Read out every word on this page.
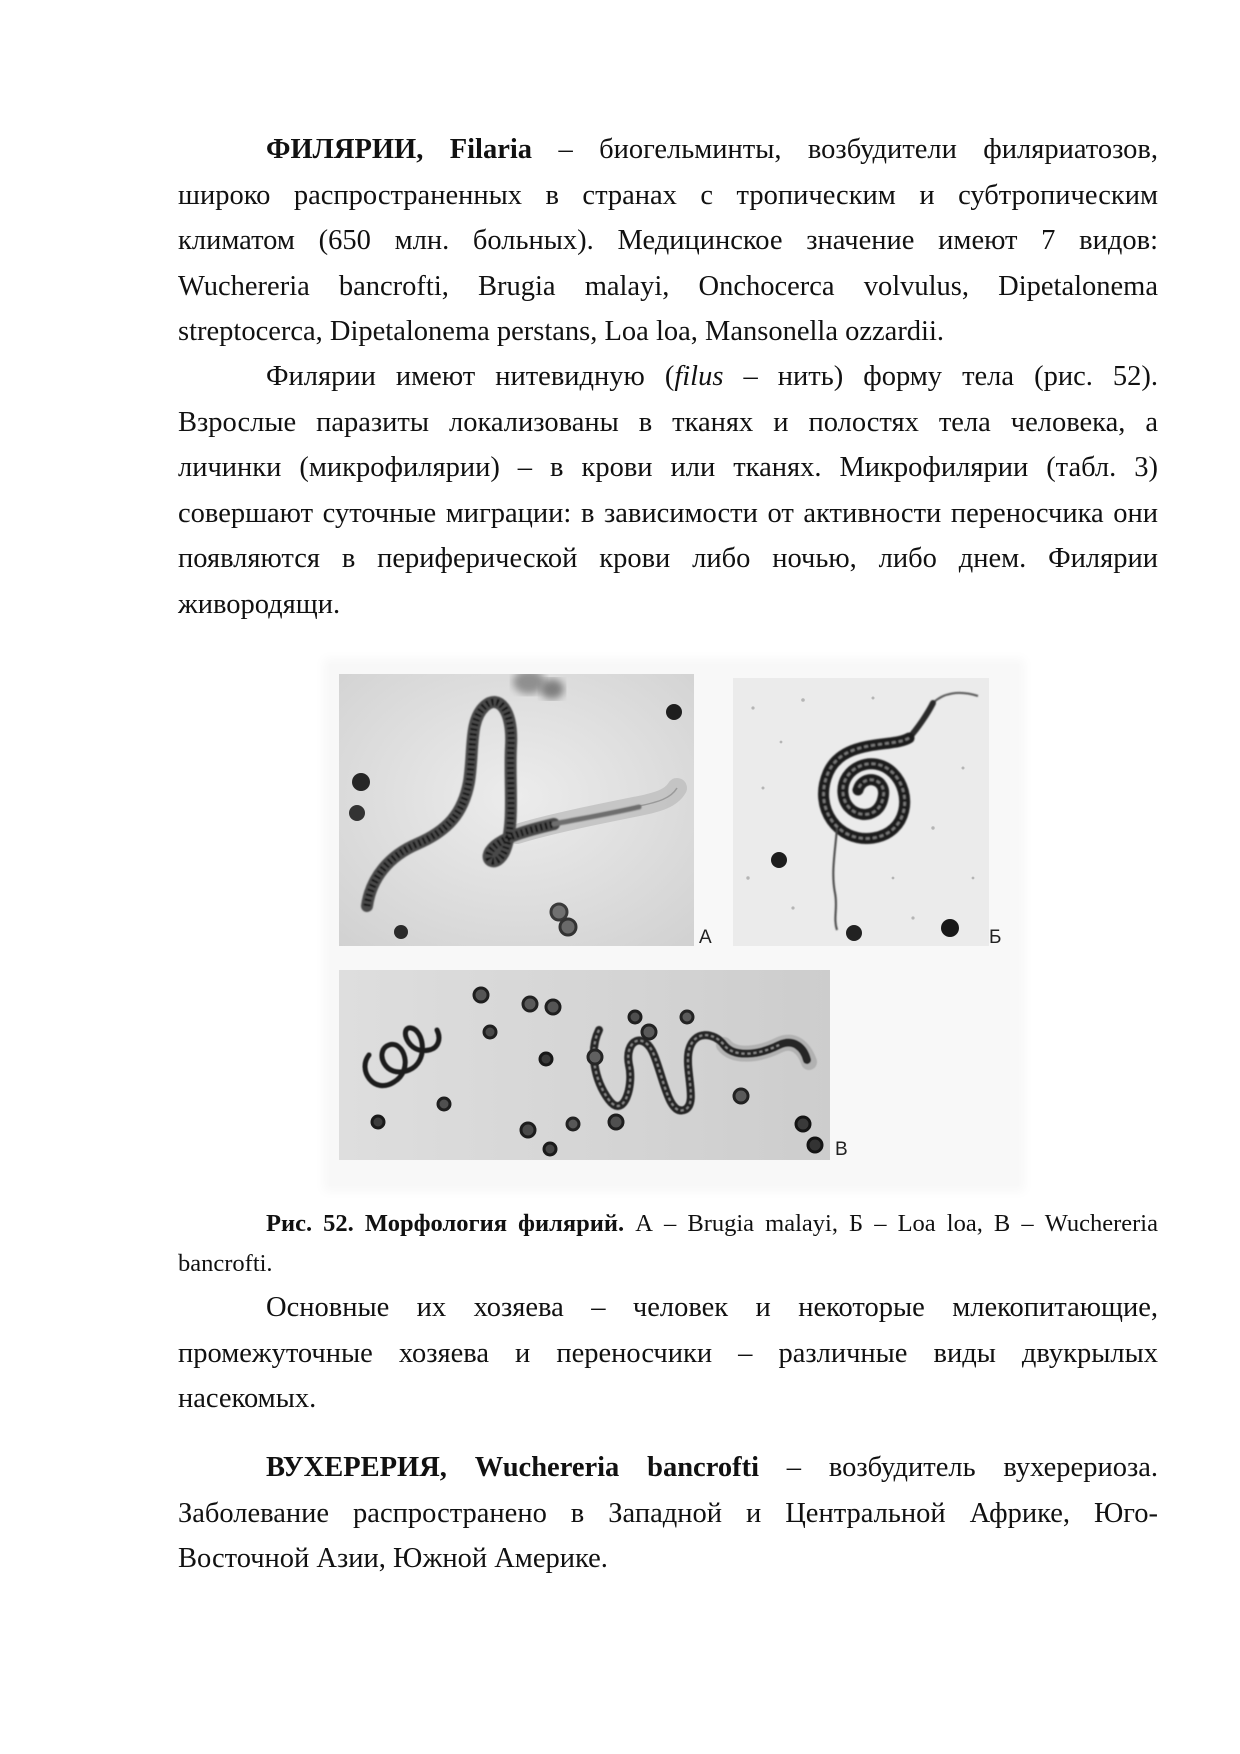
ФИЛЯРИИ, Filaria – биогельминты, возбудители филяриатозов,
широко распространенных в странах с тропическим и субтропическим
климатом (650 млн. больных). Медицинское значение имеют 7 видов:
Wuchereria bancrofti, Brugia malayi, Onchocerca volvulus, Dipetalonema
streptocerca, Dipetalonema perstans, Loa loa, Mansonella ozzardii.
Филярии имеют нитевидную (filus – нить) форму тела (рис. 52).
Взрослые паразиты локализованы в тканях и полостях тела человека, а
личинки (микрофилярии) – в крови или тканях. Микрофилярии (табл. 3)
совершают суточные миграции: в зависимости от активности переносчика они
появляются в периферической крови либо ночью, либо днем. Филярии
живородящи.
А	Б
В
Рис. 52. Морфология филярий. А – Brugia malayi, Б – Loa loa, В – Wuchereria
bancrofti.
Основные их хозяева – человек и некоторые млекопитающие,
промежуточные хозяева и переносчики – различные виды двукрылых
насекомых.
ВУХЕРЕРИЯ, Wuchereria bancrofti – возбудитель вухерериоза.
Заболевание распространено в Западной и Центральной Африке, Юго-
Восточной Азии, Южной Америке.
